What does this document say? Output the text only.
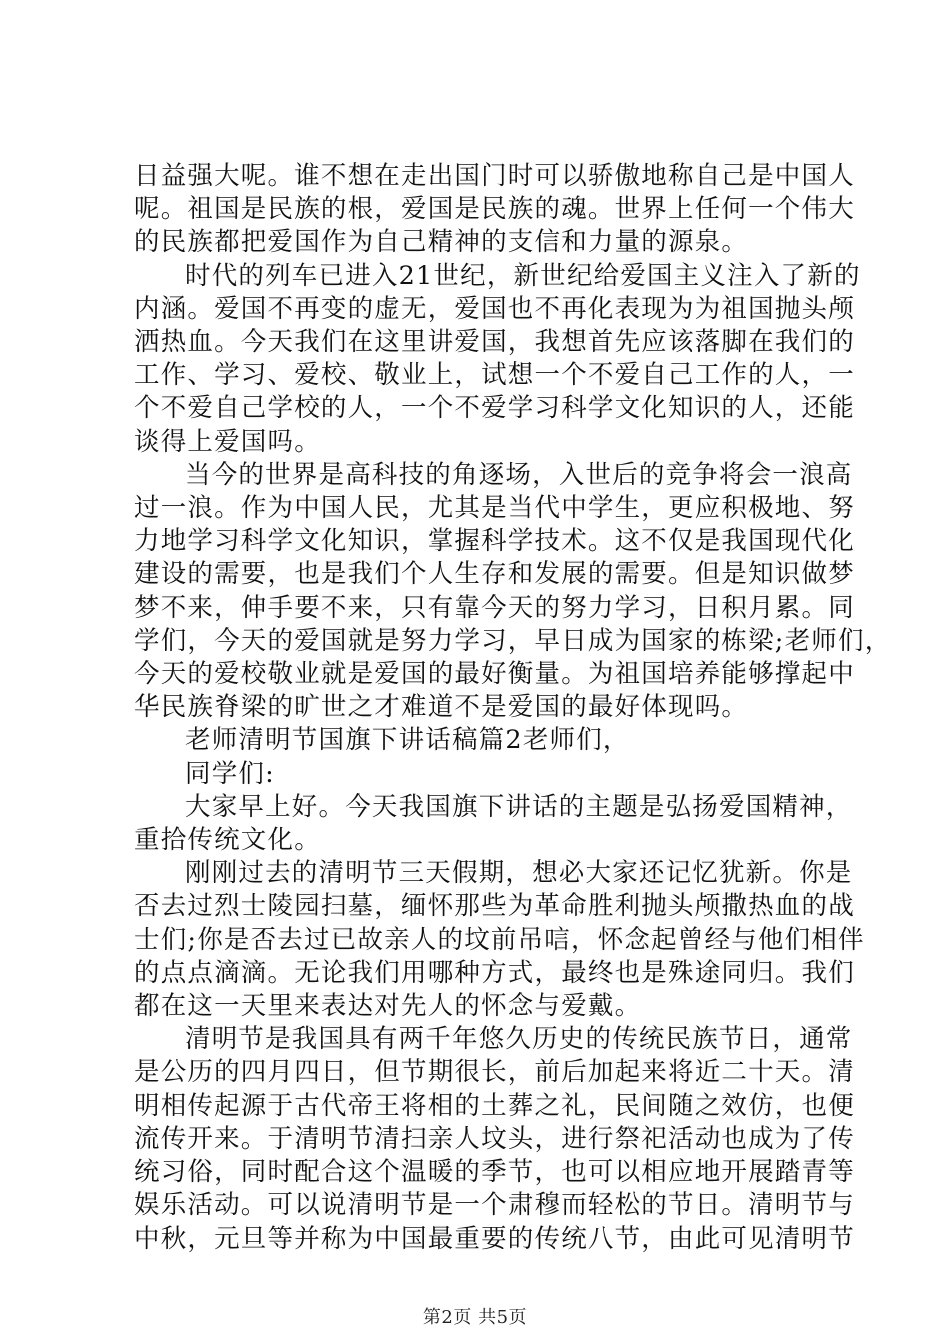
日益强大呢。谁不想在走出国门时可以骄傲地称自己是中国人
呢。祖国是民族的根，爱国是民族的魂。世界上任何一个伟大
的民族都把爱国作为自己精神的支信和力量的源泉。
时代的列车已进入21世纪，新世纪给爱国主义注入了新的
内涵。爱国不再变的虚无，爱国也不再化表现为为祖国抛头颅
洒热血。今天我们在这里讲爱国，我想首先应该落脚在我们的
工作、学习、爱校、敬业上，试想一个不爱自己工作的人，一
个不爱自己学校的人，一个不爱学习科学文化知识的人，还能
谈得上爱国吗。
当今的世界是高科技的角逐场，入世后的竞争将会一浪高
过一浪。作为中国人民，尤其是当代中学生，更应积极地、努
力地学习科学文化知识，掌握科学技术。这不仅是我国现代化
建设的需要，也是我们个人生存和发展的需要。但是知识做梦
梦不来，伸手要不来，只有靠今天的努力学习，日积月累。同
学们，今天的爱国就是努力学习，早日成为国家的栋梁;老师们，
今天的爱校敬业就是爱国的最好衡量。为祖国培养能够撑起中
华民族脊梁的旷世之才难道不是爱国的最好体现吗。
老师清明节国旗下讲话稿篇2老师们，
同学们:
大家早上好。今天我国旗下讲话的主题是弘扬爱国精神，
重拾传统文化。
刚刚过去的清明节三天假期，想必大家还记忆犹新。你是
否去过烈士陵园扫墓，缅怀那些为革命胜利抛头颅撒热血的战
士们;你是否去过已故亲人的坟前吊唁，怀念起曾经与他们相伴
的点点滴滴。无论我们用哪种方式，最终也是殊途同归。我们
都在这一天里来表达对先人的怀念与爱戴。
清明节是我国具有两千年悠久历史的传统民族节日，通常
是公历的四月四日，但节期很长，前后加起来将近二十天。清
明相传起源于古代帝王将相的土葬之礼，民间随之效仿，也便
流传开来。于清明节清扫亲人坟头，进行祭祀活动也成为了传
统习俗，同时配合这个温暖的季节，也可以相应地开展踏青等
娱乐活动。可以说清明节是一个肃穆而轻松的节日。清明节与
中秋，元旦等并称为中国最重要的传统八节，由此可见清明节
第2页 共5页
